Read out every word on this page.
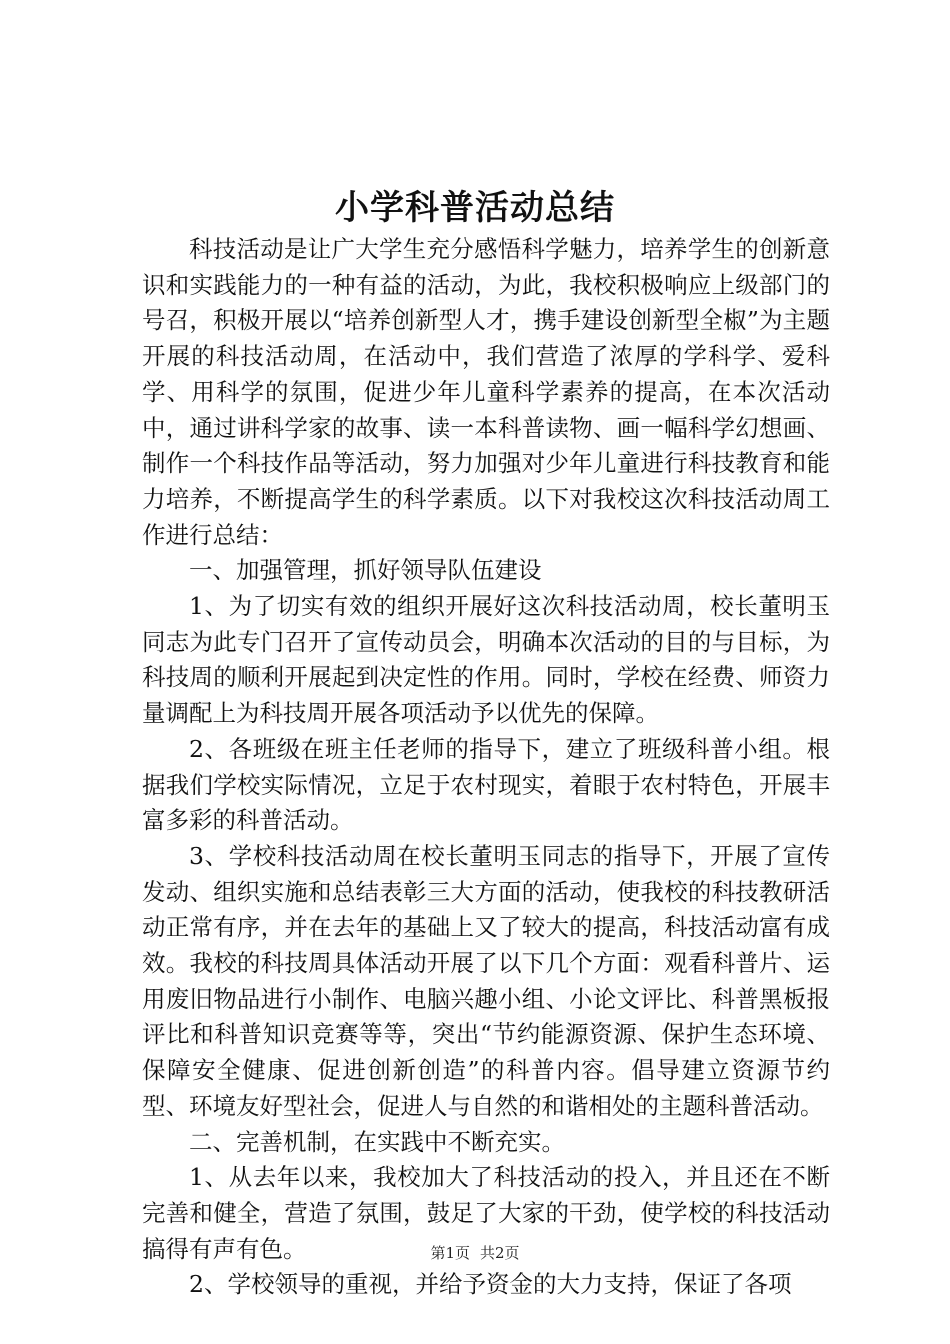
小学科普活动总结

科技活动是让广大学生充分感悟科学魅力，培养学生的创新意识和实践能力的一种有益的活动，为此，我校积极响应上级部门的号召，积极开展以“培养创新型人才，携手建设创新型全椒”为主题开展的科技活动周，在活动中，我们营造了浓厚的学科学、爱科学、用科学的氛围，促进少年儿童科学素养的提高，在本次活动中，通过讲科学家的故事、读一本科普读物、画一幅科学幻想画、制作一个科技作品等活动，努力加强对少年儿童进行科技教育和能力培养，不断提高学生的科学素质。以下对我校这次科技活动周工作进行总结：

一、加强管理，抓好领导队伍建设

1、为了切实有效的组织开展好这次科技活动周，校长董明玉同志为此专门召开了宣传动员会，明确本次活动的目的与目标，为科技周的顺利开展起到决定性的作用。同时，学校在经费、师资力量调配上为科技周开展各项活动予以优先的保障。

2、各班级在班主任老师的指导下，建立了班级科普小组。根据我们学校实际情况，立足于农村现实，着眼于农村特色，开展丰富多彩的科普活动。

3、学校科技活动周在校长董明玉同志的指导下，开展了宣传发动、组织实施和总结表彰三大方面的活动，使我校的科技教研活动正常有序，并在去年的基础上又了较大的提高，科技活动富有成效。我校的科技周具体活动开展了以下几个方面：观看科普片、运用废旧物品进行小制作、电脑兴趣小组、小论文评比、科普黑板报评比和科普知识竞赛等等，突出“节约能源资源、保护生态环境、保障安全健康、促进创新创造”的科普内容。倡导建立资源节约型、环境友好型社会，促进人与自然的和谐相处的主题科普活动。

二、完善机制，在实践中不断充实。

1、从去年以来，我校加大了科技活动的投入，并且还在不断完善和健全，营造了氛围，鼓足了大家的干劲，使学校的科技活动搞得有声有色。

2、学校领导的重视，并给予资金的大力支持，保证了各项

第1页 共2页
